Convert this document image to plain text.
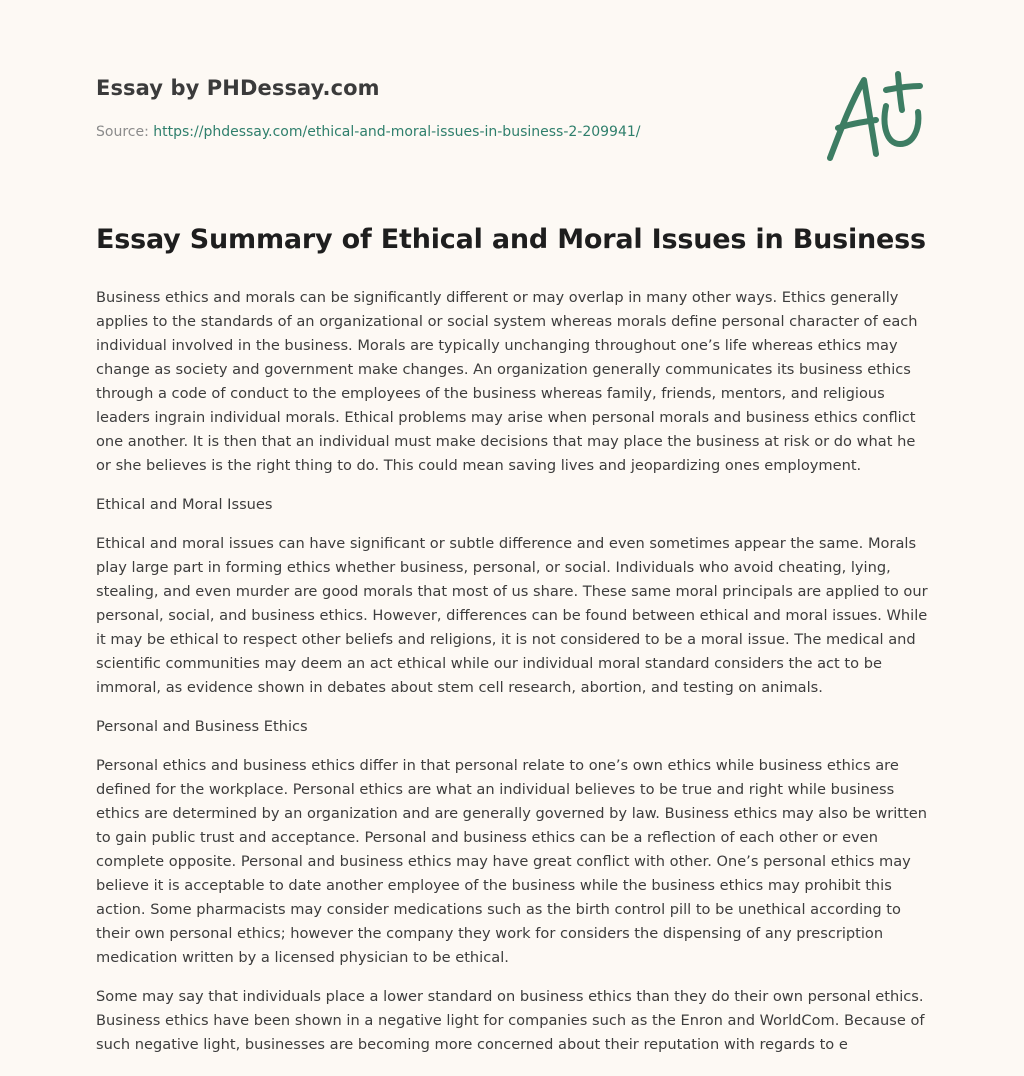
Essay by PHDessay.com
Source: https://phdessay.com/ethical-and-moral-issues-in-business-2-209941/
Essay Summary of Ethical and Moral Issues in Business

Business ethics and morals can be significantly different or may overlap in many other ways. Ethics generally applies to the standards of an organizational or social system whereas morals define personal character of each individual involved in the business. Morals are typically unchanging throughout one’s life whereas ethics may change as society and government make changes. An organization generally communicates its business ethics through a code of conduct to the employees of the business whereas family, friends, mentors, and religious leaders ingrain individual morals. Ethical problems may arise when personal morals and business ethics conflict one another. It is then that an individual must make decisions that may place the business at risk or do what he or she believes is the right thing to do. This could mean saving lives and jeopardizing ones employment.

Ethical and Moral Issues

Ethical and moral issues can have significant or subtle difference and even sometimes appear the same. Morals play large part in forming ethics whether business, personal, or social. Individuals who avoid cheating, lying, stealing, and even murder are good morals that most of us share. These same moral principals are applied to our personal, social, and business ethics. However, differences can be found between ethical and moral issues. While it may be ethical to respect other beliefs and religions, it is not considered to be a moral issue. The medical and scientific communities may deem an act ethical while our individual moral standard considers the act to be immoral, as evidence shown in debates about stem cell research, abortion, and testing on animals.

Personal and Business Ethics

Personal ethics and business ethics differ in that personal relate to one’s own ethics while business ethics are defined for the workplace. Personal ethics are what an individual believes to be true and right while business ethics are determined by an organization and are generally governed by law. Business ethics may also be written to gain public trust and acceptance. Personal and business ethics can be a reflection of each other or even complete opposite. Personal and business ethics may have great conflict with other. One’s personal ethics may believe it is acceptable to date another employee of the business while the business ethics may prohibit this action. Some pharmacists may consider medications such as the birth control pill to be unethical according to their own personal ethics; however the company they work for considers the dispensing of any prescription medication written by a licensed physician to be ethical.

Some may say that individuals place a lower standard on business ethics than they do their own personal ethics. Business ethics have been shown in a negative light for companies such as the Enron and WorldCom. Because of such negative light, businesses are becoming more concerned about their reputation with regards to e
